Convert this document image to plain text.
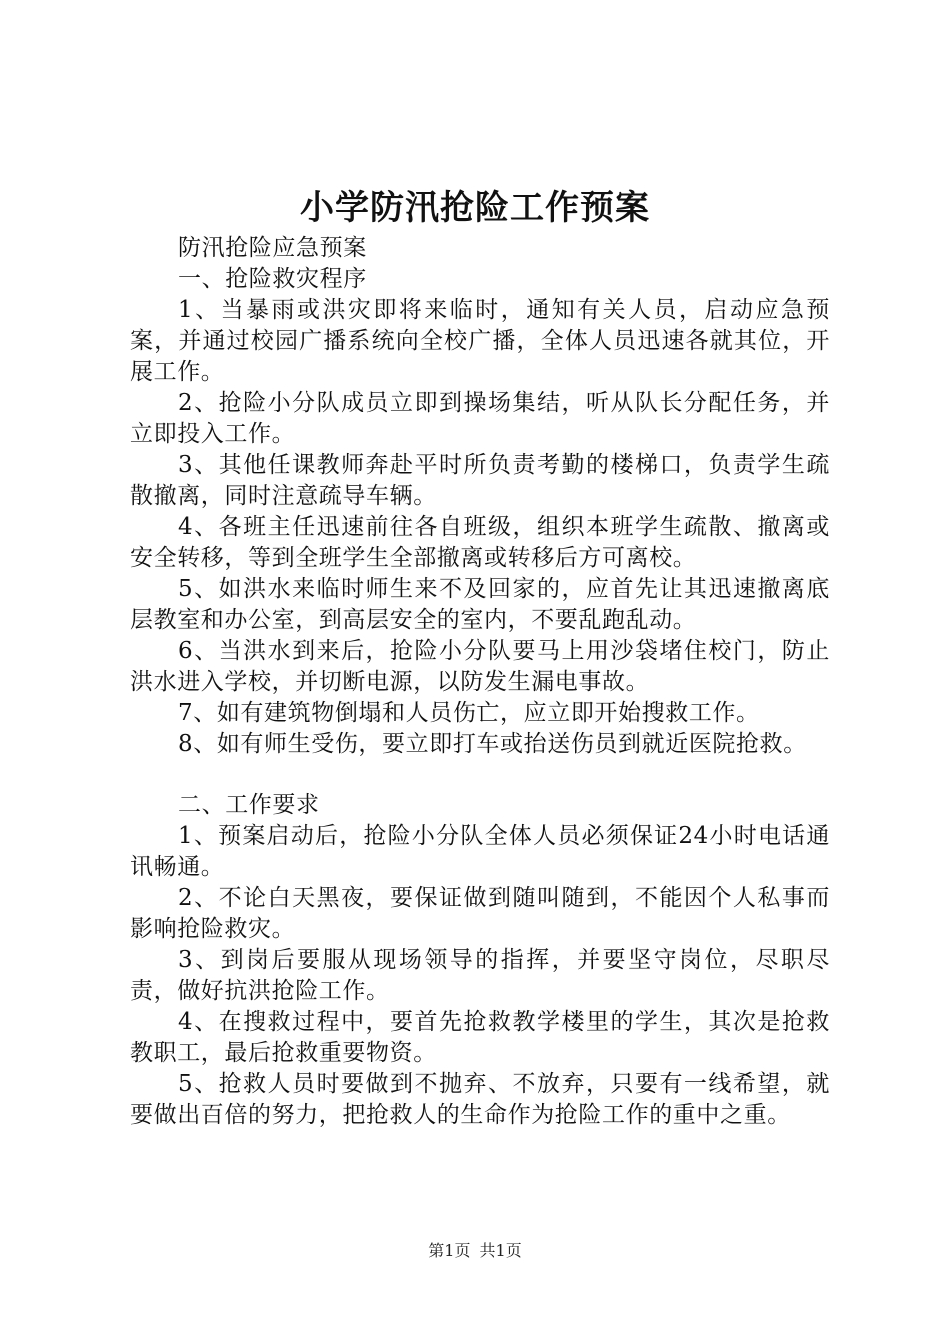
小学防汛抢险工作预案

防汛抢险应急预案

一、抢险救灾程序

1、当暴雨或洪灾即将来临时，通知有关人员，启动应急预案，并通过校园广播系统向全校广播，全体人员迅速各就其位，开展工作。

2、抢险小分队成员立即到操场集结，听从队长分配任务，并立即投入工作。

3、其他任课教师奔赴平时所负责考勤的楼梯口，负责学生疏散撤离，同时注意疏导车辆。

4、各班主任迅速前往各自班级，组织本班学生疏散、撤离或安全转移，等到全班学生全部撤离或转移后方可离校。

5、如洪水来临时师生来不及回家的，应首先让其迅速撤离底层教室和办公室，到高层安全的室内，不要乱跑乱动。

6、当洪水到来后，抢险小分队要马上用沙袋堵住校门，防止洪水进入学校，并切断电源，以防发生漏电事故。

7、如有建筑物倒塌和人员伤亡，应立即开始搜救工作。

8、如有师生受伤，要立即打车或抬送伤员到就近医院抢救。

二、工作要求

1、预案启动后，抢险小分队全体人员必须保证24小时电话通讯畅通。

2、不论白天黑夜，要保证做到随叫随到，不能因个人私事而影响抢险救灾。

3、到岗后要服从现场领导的指挥，并要坚守岗位，尽职尽责，做好抗洪抢险工作。

4、在搜救过程中，要首先抢救教学楼里的学生，其次是抢救教职工，最后抢救重要物资。

5、抢救人员时要做到不抛弃、不放弃，只要有一线希望，就要做出百倍的努力，把抢救人的生命作为抢险工作的重中之重。

第1页 共1页
